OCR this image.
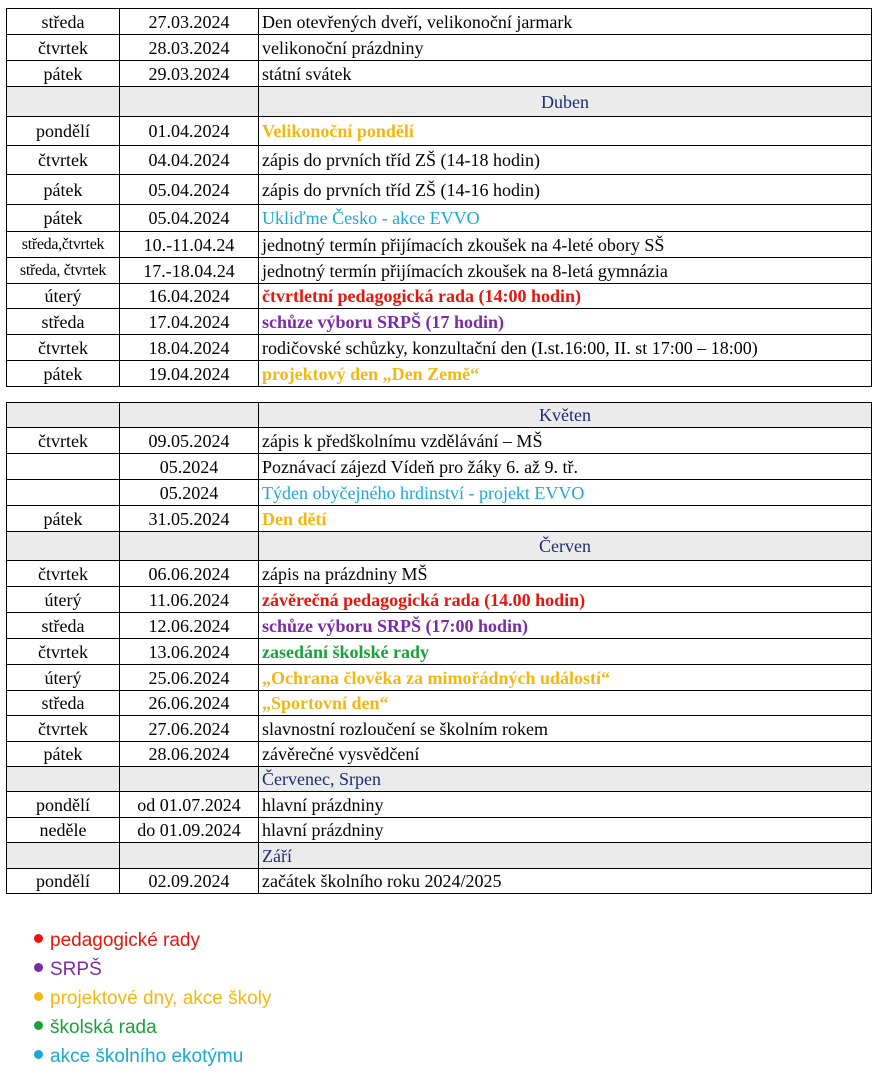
středa	27.03.2024	Den otevřených dveří, velikonoční jarmark
čtvrtek	28.03.2024	velikonoční prázdniny
pátek	29.03.2024	státní svátek
		Duben
pondělí	01.04.2024	Velikonoční pondělí
čtvrtek	04.04.2024	zápis do prvních tříd ZŠ (14-18 hodin)
pátek	05.04.2024	zápis do prvních tříd ZŠ (14-16 hodin)
pátek	05.04.2024	Ukliďme Česko - akce EVVO
středa,čtvrtek	10.-11.04.24	jednotný termín přijímacích zkoušek na 4-leté obory SŠ
středa, čtvrtek	17.-18.04.24	jednotný termín přijímacích zkoušek na 8-letá gymnázia
úterý	16.04.2024	čtvrtletní pedagogická rada (14:00 hodin)
středa	17.04.2024	schůze výboru SRPŠ (17 hodin)
čtvrtek	18.04.2024	rodičovské schůzky, konzultační den (I.st.16:00, II. st 17:00 – 18:00)
pátek	19.04.2024	projektový den „Den Země“
		Květen
čtvrtek	09.05.2024	zápis k předškolnímu vzdělávání – MŠ
	05.2024	Poznávací zájezd Vídeň pro žáky 6. až 9. tř.
	05.2024	Týden obyčejného hrdinství - projekt EVVO
pátek	31.05.2024	Den dětí
		Červen
čtvrtek	06.06.2024	zápis na prázdniny MŠ
úterý	11.06.2024	závěrečná pedagogická rada (14.00 hodin)
středa	12.06.2024	schůze výboru SRPŠ (17:00 hodin)
čtvrtek	13.06.2024	zasedání školské rady
úterý	25.06.2024	„Ochrana člověka za mimořádných událostí“
středa	26.06.2024	„Sportovní den“
čtvrtek	27.06.2024	slavnostní rozloučení se školním rokem
pátek	28.06.2024	závěrečné vysvědčení
		Červenec, Srpen
pondělí	od 01.07.2024	hlavní prázdniny
neděle	do 01.09.2024	hlavní prázdniny
		Září
pondělí	02.09.2024	začátek školního roku 2024/2025
pedagogické rady
SRPŠ
projektové dny, akce školy
školská rada
akce školního ekotýmu
